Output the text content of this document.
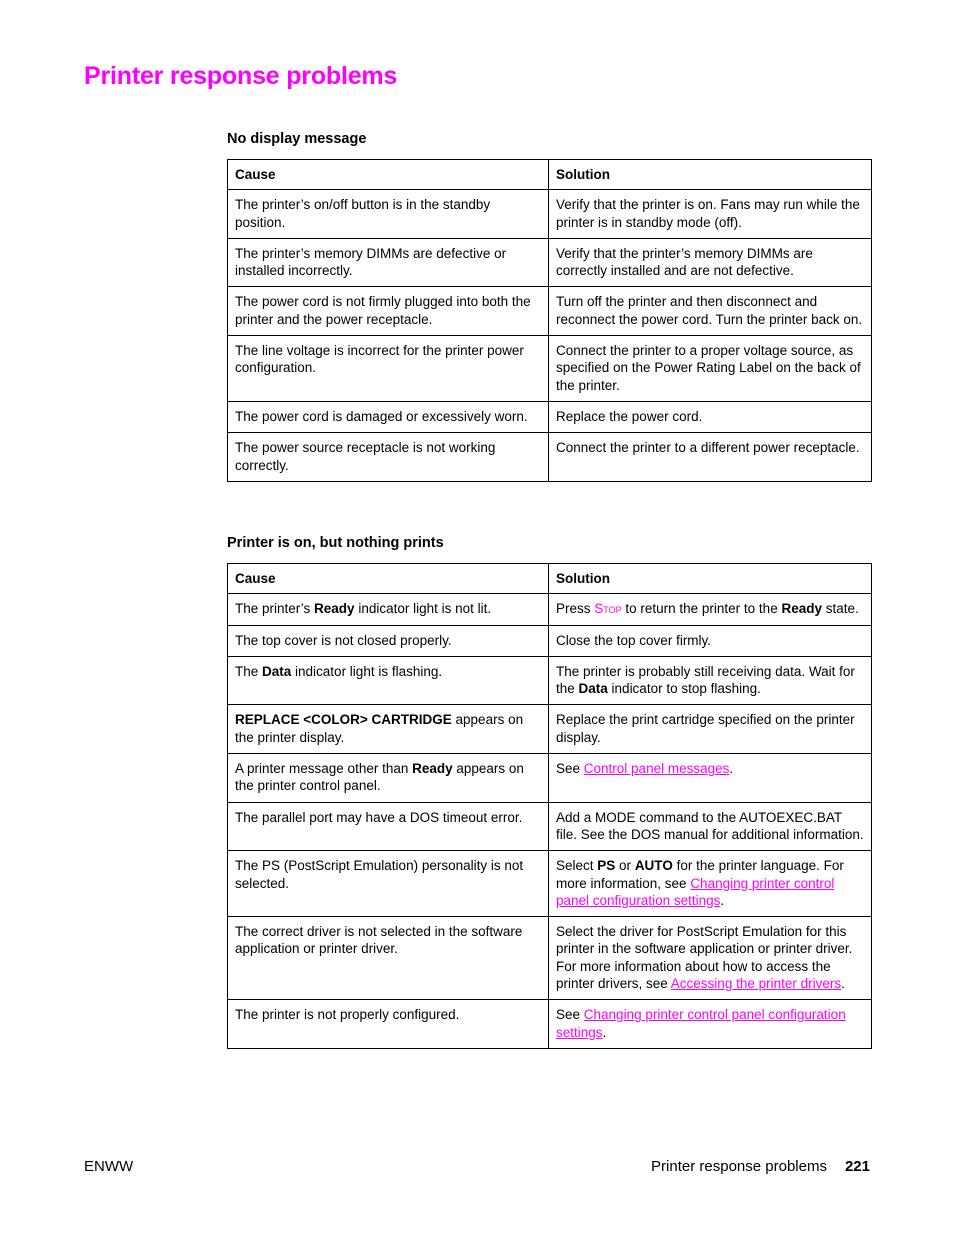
Printer response problems
No display message
Cause	Solution
The printer’s on/off button is in the standby position.	Verify that the printer is on. Fans may run while the printer is in standby mode (off).
The printer’s memory DIMMs are defective or installed incorrectly.	Verify that the printer’s memory DIMMs are correctly installed and are not defective.
The power cord is not firmly plugged into both the printer and the power receptacle.	Turn off the printer and then disconnect and reconnect the power cord. Turn the printer back on.
The line voltage is incorrect for the printer power configuration.	Connect the printer to a proper voltage source, as specified on the Power Rating Label on the back of the printer.
The power cord is damaged or excessively worn.	Replace the power cord.
The power source receptacle is not working correctly.	Connect the printer to a different power receptacle.
Printer is on, but nothing prints
Cause	Solution
The printer’s Ready indicator light is not lit.	Press Stop to return the printer to the Ready state.
The top cover is not closed properly.	Close the top cover firmly.
The Data indicator light is flashing.	The printer is probably still receiving data. Wait for the Data indicator to stop flashing.
REPLACE <COLOR> CARTRIDGE appears on the printer display.	Replace the print cartridge specified on the printer display.
A printer message other than Ready appears on the printer control panel.	See Control panel messages.
The parallel port may have a DOS timeout error.	Add a MODE command to the AUTOEXEC.BAT file. See the DOS manual for additional information.
The PS (PostScript Emulation) personality is not selected.	Select PS or AUTO for the printer language. For more information, see Changing printer control panel configuration settings.
The correct driver is not selected in the software application or printer driver.	Select the driver for PostScript Emulation for this printer in the software application or printer driver. For more information about how to access the printer drivers, see Accessing the printer drivers.
The printer is not properly configured.	See Changing printer control panel configuration settings.
ENWW	Printer response problems 221
